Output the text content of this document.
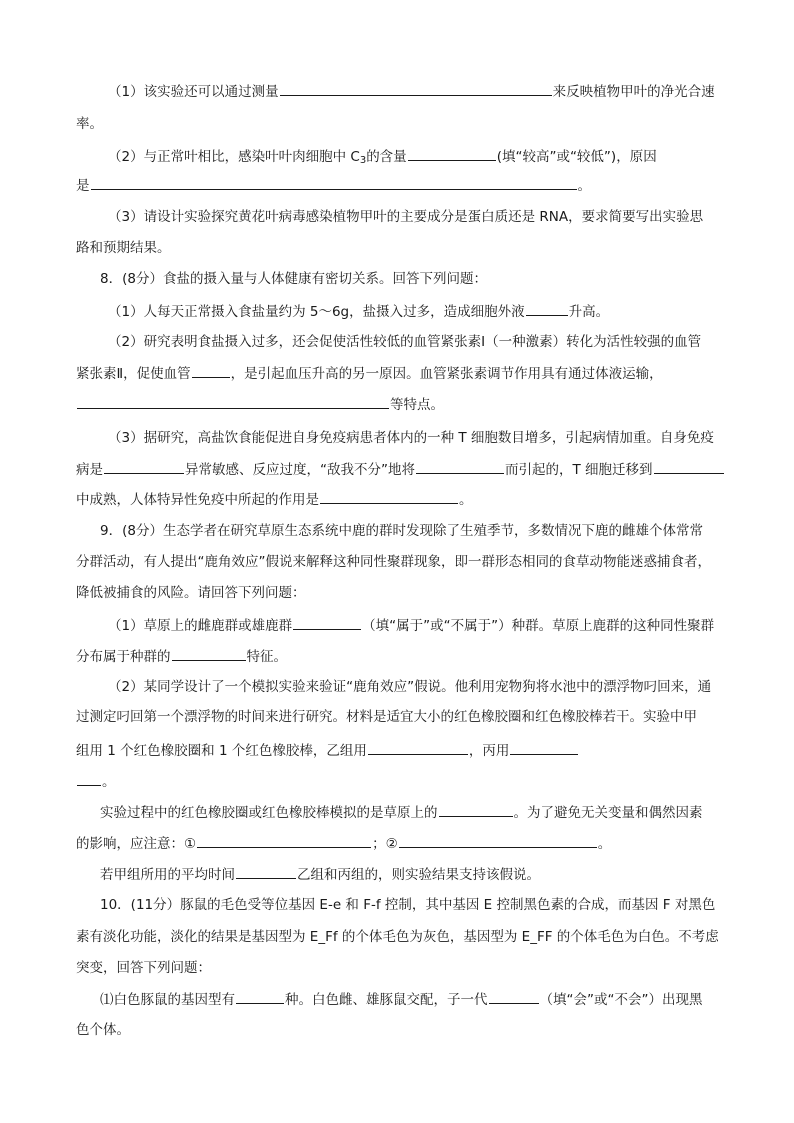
（1）该实验还可以通过测量	来反映植物甲叶的净光合速
率。
（2）与正常叶相比，感染叶叶肉细胞中 $C_3$的含量	(填“较高”或“较低”)，原因
是	。
（3）请设计实验探究黄花叶病毒感染植物甲叶的主要成分是蛋白质还是 RNA，要求简要写出实验思
路和预期结果。
8．(8分）食盐的摄入量与人体健康有密切关系。回答下列问题：
（1）人每天正常摄入食盐量约为 5～6g，盐摄入过多，造成细胞外液	升高。
（2）研究表明食盐摄入过多，还会促使活性较低的血管紧张素Ⅰ（一种激素）转化为活性较强的血管
紧张素Ⅱ，促使血管	，是引起血压升高的另一原因。血管紧张素调节作用具有通过体液运输，
等特点。
（3）据研究，高盐饮食能促进自身免疫病患者体内的一种 T 细胞数目增多，引起病情加重。自身免疫
病是	异常敏感、反应过度，“敌我不分”地将	而引起的，T 细胞迁移到
中成熟，人体特异性免疫中所起的作用是	。
9．(8分）生态学者在研究草原生态系统中鹿的群时发现除了生殖季节，多数情况下鹿的雌雄个体常常
分群活动，有人提出“鹿角效应”假说来解释这种同性聚群现象，即一群形态相同的食草动物能迷惑捕食者，
降低被捕食的风险。请回答下列问题：
（1）草原上的雌鹿群或雄鹿群	（填“属于”或“不属于”）种群。草原上鹿群的这种同性聚群
分布属于种群的	特征。
（2）某同学设计了一个模拟实验来验证“鹿角效应”假说。他利用宠物狗将水池中的漂浮物叼回来，通
过测定叼回第一个漂浮物的时间来进行研究。材料是适宜大小的红色橡胶圈和红色橡胶棒若干。实验中甲
组用 1 个红色橡胶圈和 1 个红色橡胶棒，乙组用	，丙用
。
实验过程中的红色橡胶圈或红色橡胶棒模拟的是草原上的	。为了避免无关变量和偶然因素
的影响，应注意：①	；②	。
若甲组所用的平均时间	乙组和丙组的，则实验结果支持该假说。
10．(11分）豚鼠的毛色受等位基因 E-e 和 F-f 控制，其中基因 E 控制黑色素的合成，而基因 F 对黑色
素有淡化功能，淡化的结果是基因型为 E_Ff 的个体毛色为灰色，基因型为 E_FF 的个体毛色为白色。不考虑
突变，回答下列问题：
⑴白色豚鼠的基因型有	种。白色雌、雄豚鼠交配，子一代	（填“会”或“不会”）出现黑
色个体。
